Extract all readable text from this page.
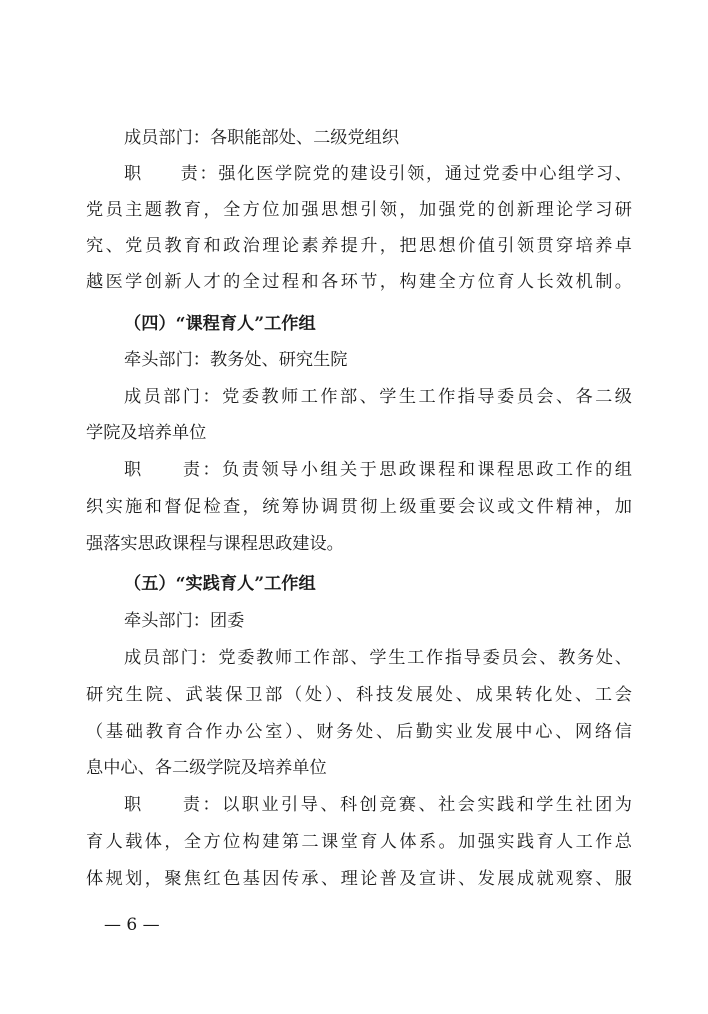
成员部门：各职能部处、二级党组织
职　　责：强化医学院党的建设引领，通过党委中心组学习、
党员主题教育，全方位加强思想引领，加强党的创新理论学习研
究、党员教育和政治理论素养提升，把思想价值引领贯穿培养卓
越医学创新人才的全过程和各环节，构建全方位育人长效机制。
（四）“课程育人”工作组
牵头部门：教务处、研究生院
成员部门：党委教师工作部、学生工作指导委员会、各二级
学院及培养单位
职　　责：负责领导小组关于思政课程和课程思政工作的组
织实施和督促检查，统筹协调贯彻上级重要会议或文件精神，加
强落实思政课程与课程思政建设。
（五）“实践育人”工作组
牵头部门：团委
成员部门：党委教师工作部、学生工作指导委员会、教务处、
研究生院、武装保卫部（处）、科技发展处、成果转化处、工会
（基础教育合作办公室）、财务处、后勤实业发展中心、网络信
息中心、各二级学院及培养单位
职　　责：以职业引导、科创竞赛、社会实践和学生社团为
育人载体，全方位构建第二课堂育人体系。加强实践育人工作总
体规划，聚焦红色基因传承、理论普及宣讲、发展成就观察、服
— 6 —
